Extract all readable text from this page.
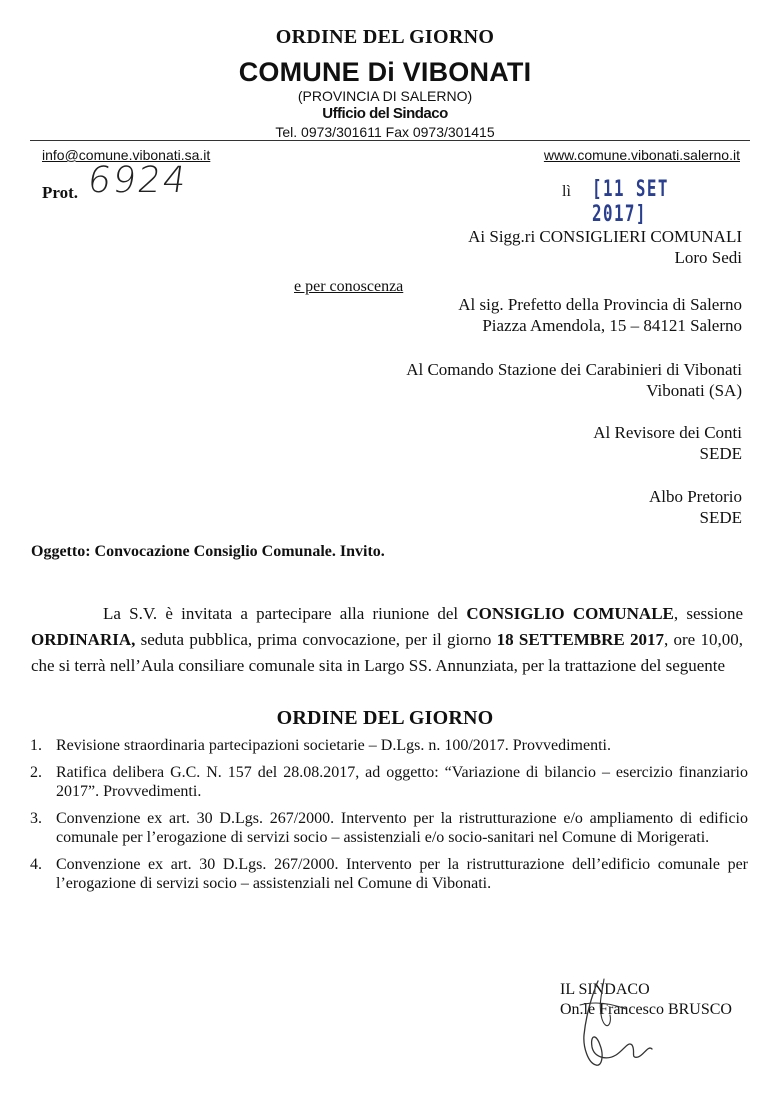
ORDINE DEL GIORNO
COMUNE Di VIBONATI
(PROVINCIA DI SALERNO)
Ufficio del Sindaco
Tel. 0973/301611 Fax 0973/301415
info@comune.vibonati.sa.it	www.comune.vibonati.salerno.it
Prot. 6924	lì [11 SET 2017]
Ai Sigg.ri CONSIGLIERI COMUNALI
Loro Sedi
e per conoscenza
Al sig. Prefetto della Provincia di Salerno
Piazza Amendola, 15 – 84121 Salerno
Al Comando Stazione dei Carabinieri di Vibonati
Vibonati (SA)
Al Revisore dei Conti
SEDE
Albo Pretorio
SEDE
Oggetto: Convocazione Consiglio Comunale. Invito.
La S.V. è invitata a partecipare alla riunione del CONSIGLIO COMUNALE, sessione ORDINARIA, seduta pubblica, prima convocazione, per il giorno 18 SETTEMBRE 2017, ore 10,00, che si terrà nell’Aula consiliare comunale sita in Largo SS. Annunziata, per la trattazione del seguente
ORDINE DEL GIORNO
1. Revisione straordinaria partecipazioni societarie – D.Lgs. n. 100/2017. Provvedimenti.
2. Ratifica delibera G.C. N. 157 del 28.08.2017, ad oggetto: “Variazione di bilancio – esercizio finanziario 2017”. Provvedimenti.
3. Convenzione ex art. 30 D.Lgs. 267/2000. Intervento per la ristrutturazione e/o ampliamento di edificio comunale per l’erogazione di servizi socio – assistenziali e/o socio-sanitari nel Comune di Morigerati.
4. Convenzione ex art. 30 D.Lgs. 267/2000. Intervento per la ristrutturazione dell’edificio comunale per l’erogazione di servizi socio – assistenziali nel Comune di Vibonati.
IL SINDACO
On.le Francesco BRUSCO
